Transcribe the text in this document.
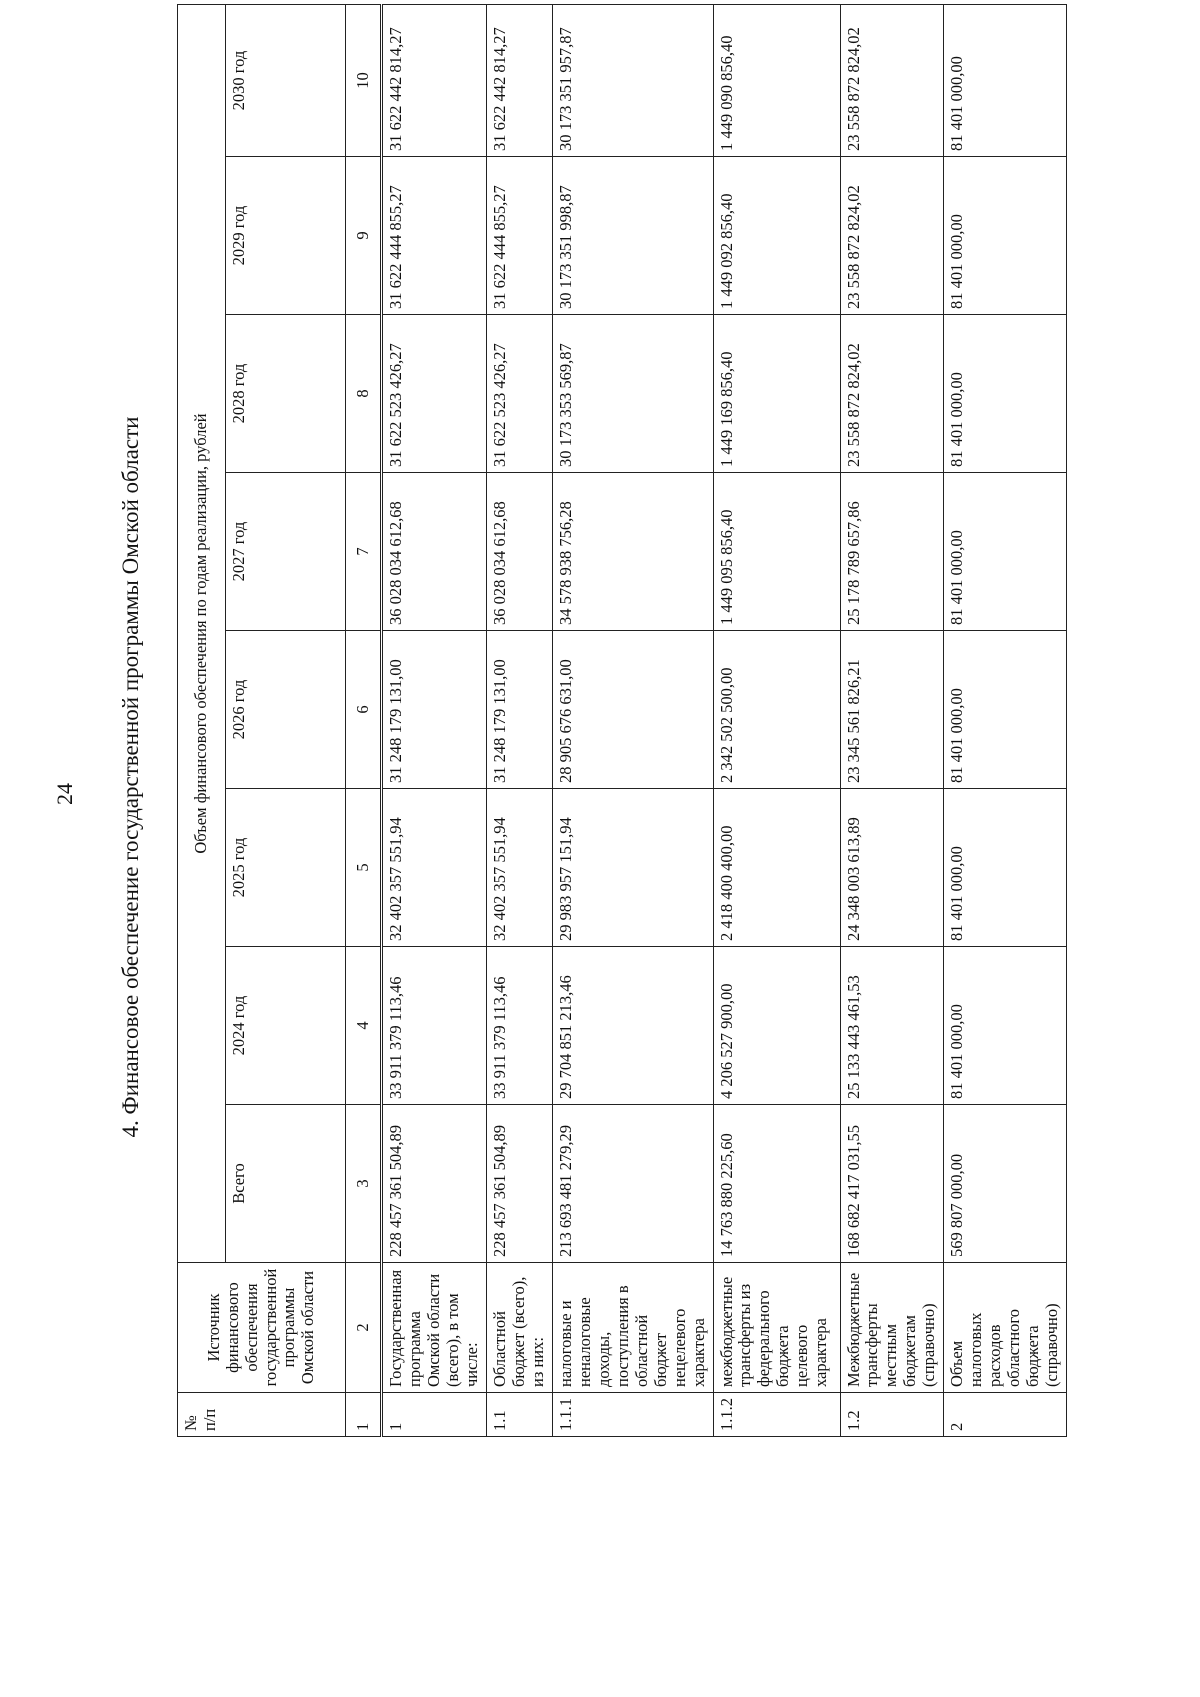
24 4. Финансовое обеспечение государственной программы Омской области
№ п/п	Источник финансового обеспечения государственной программы Омской области	Объем финансового обеспечения по годам реализации, рублей							
		Всего	2024 год	2025 год	2026 год	2027 год	2028 год	2029 год	2030 год
1	2	3	4	5	6	7	8	9	10
1	Государственная программа Омской области (всего), в том числе:	228 457 361 504,89	33 911 379 113,46	32 402 357 551,94	31 248 179 131,00	36 028 034 612,68	31 622 523 426,27	31 622 444 855,27	31 622 442 814,27
1.1	Областной бюджет (всего), из них:	228 457 361 504,89	33 911 379 113,46	32 402 357 551,94	31 248 179 131,00	36 028 034 612,68	31 622 523 426,27	31 622 444 855,27	31 622 442 814,27
1.1.1	налоговые и неналоговые доходы, поступления в областной бюджет нецелевого характера	213 693 481 279,29	29 704 851 213,46	29 983 957 151,94	28 905 676 631,00	34 578 938 756,28	30 173 353 569,87	30 173 351 998,87	30 173 351 957,87
1.1.2	межбюджетные трансферты из федерального бюджета целевого характера	14 763 880 225,60	4 206 527 900,00	2 418 400 400,00	2 342 502 500,00	1 449 095 856,40	1 449 169 856,40	1 449 092 856,40	1 449 090 856,40
1.2	Межбюджетные трансферты местным бюджетам (справочно)	168 682 417 031,55	25 133 443 461,53	24 348 003 613,89	23 345 561 826,21	25 178 789 657,86	23 558 872 824,02	23 558 872 824,02	23 558 872 824,02
2	Объем налоговых расходов областного бюджета (справочно)	569 807 000,00	81 401 000,00	81 401 000,00	81 401 000,00	81 401 000,00	81 401 000,00	81 401 000,00	81 401 000,00
